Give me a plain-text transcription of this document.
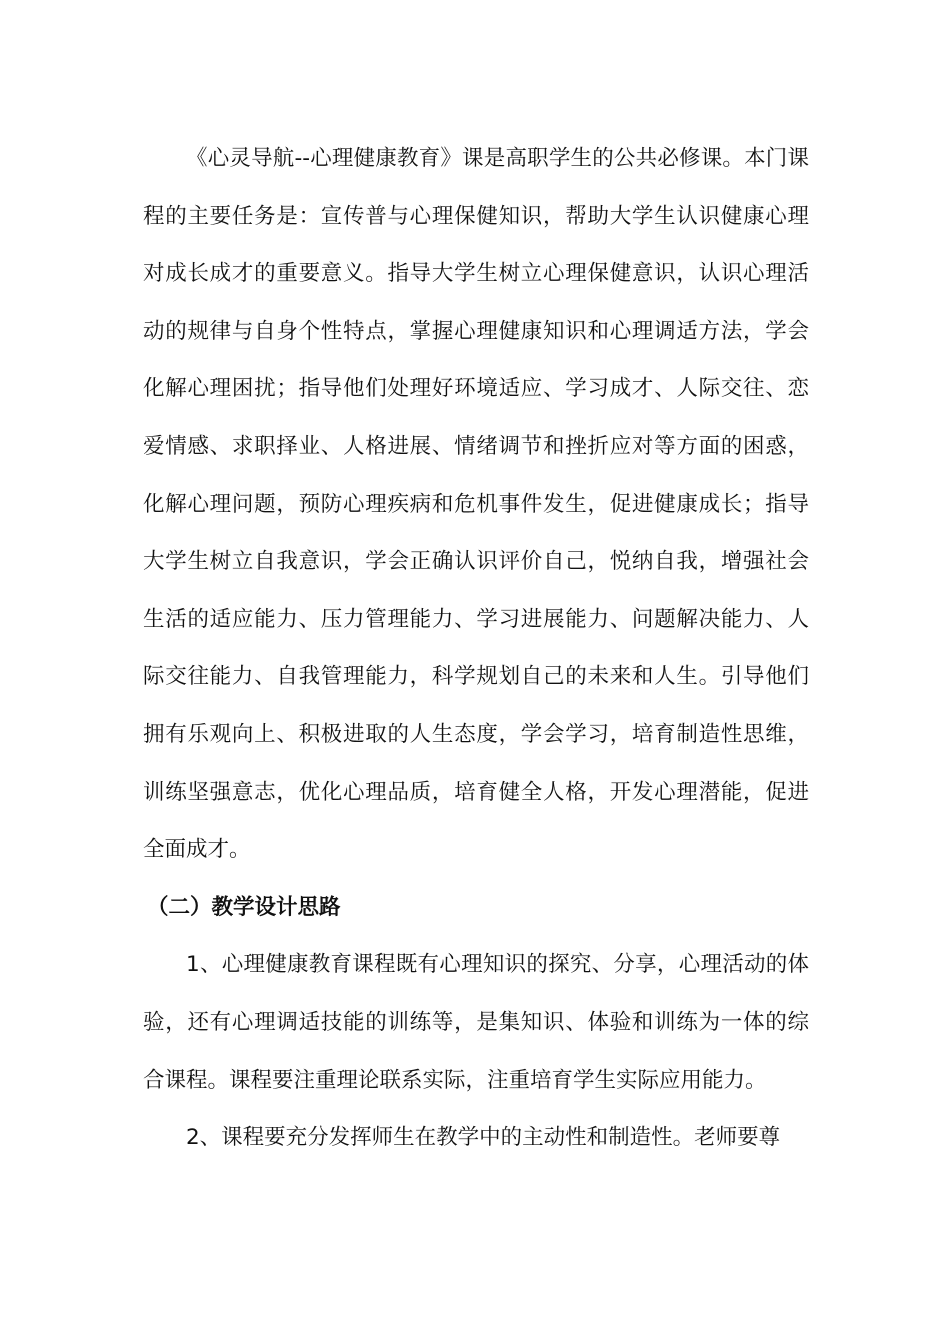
《心灵导航--心理健康教育》课是高职学生的公共必修课。本门课程的主要任务是：宣传普与心理保健知识，帮助大学生认识健康心理对成长成才的重要意义。指导大学生树立心理保健意识，认识心理活动的规律与自身个性特点，掌握心理健康知识和心理调适方法，学会化解心理困扰；指导他们处理好环境适应、学习成才、人际交往、恋爱情感、求职择业、人格进展、情绪调节和挫折应对等方面的困惑，化解心理问题，预防心理疾病和危机事件发生，促进健康成长；指导大学生树立自我意识，学会正确认识评价自己，悦纳自我，增强社会生活的适应能力、压力管理能力、学习进展能力、问题解决能力、人际交往能力、自我管理能力，科学规划自己的未来和人生。引导他们拥有乐观向上、积极进取的人生态度，学会学习，培育制造性思维，训练坚强意志，优化心理品质，培育健全人格，开发心理潜能，促进全面成才。

（二）教学设计思路

1、心理健康教育课程既有心理知识的探究、分享，心理活动的体验，还有心理调适技能的训练等，是集知识、体验和训练为一体的综合课程。课程要注重理论联系实际，注重培育学生实际应用能力。

2、课程要充分发挥师生在教学中的主动性和制造性。老师要尊
